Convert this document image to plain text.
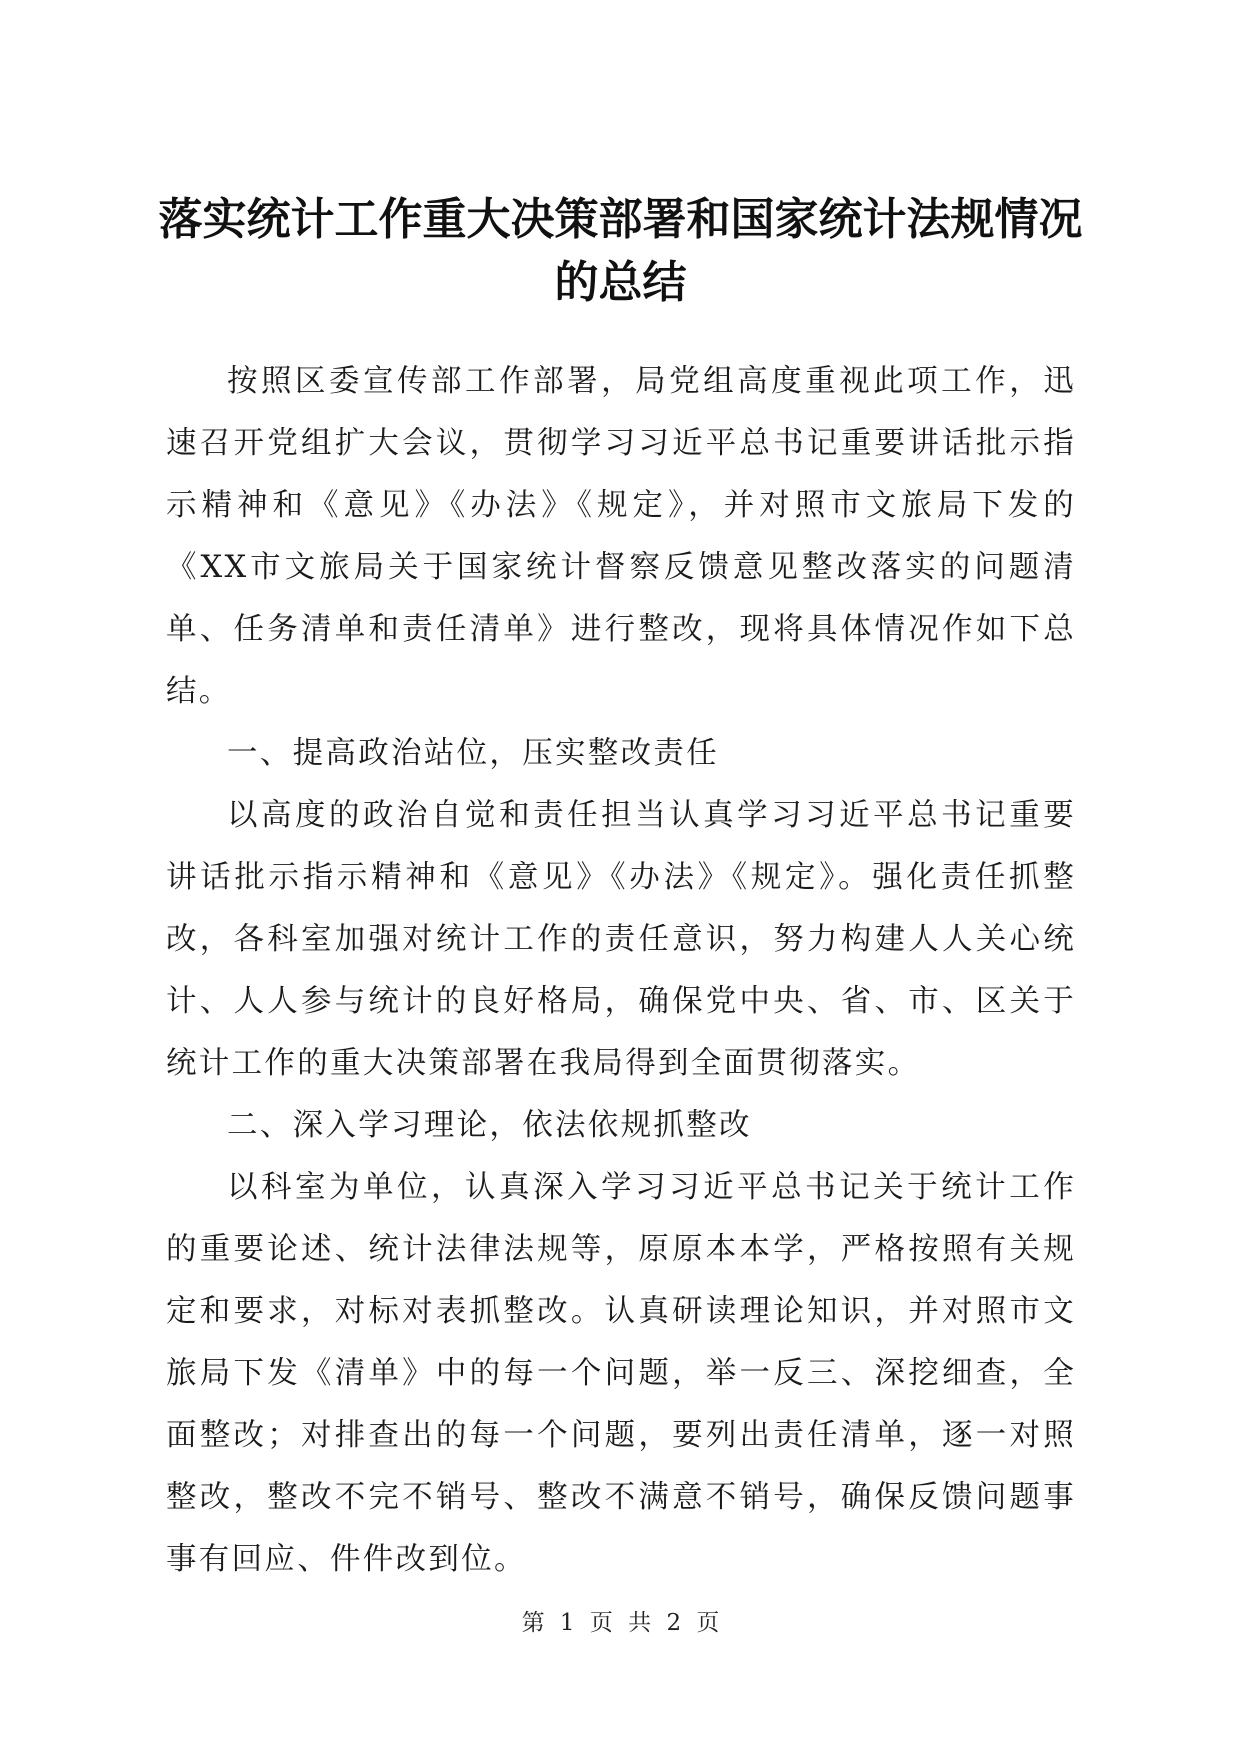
落实统计工作重大决策部署和国家统计法规情况的总结

按照区委宣传部工作部署，局党组高度重视此项工作，迅速召开党组扩大会议，贯彻学习习近平总书记重要讲话批示指示精神和《意见》《办法》《规定》，并对照市文旅局下发的《XX市文旅局关于国家统计督察反馈意见整改落实的问题清单、任务清单和责任清单》进行整改，现将具体情况作如下总结。

一、提高政治站位，压实整改责任

以高度的政治自觉和责任担当认真学习习近平总书记重要讲话批示指示精神和《意见》《办法》《规定》。强化责任抓整改，各科室加强对统计工作的责任意识，努力构建人人关心统计、人人参与统计的良好格局，确保党中央、省、市、区关于统计工作的重大决策部署在我局得到全面贯彻落实。

二、深入学习理论，依法依规抓整改

以科室为单位，认真深入学习习近平总书记关于统计工作的重要论述、统计法律法规等，原原本本学，严格按照有关规定和要求，对标对表抓整改。认真研读理论知识，并对照市文旅局下发《清单》中的每一个问题，举一反三、深挖细查，全面整改；对排查出的每一个问题，要列出责任清单，逐一对照整改，整改不完不销号、整改不满意不销号，确保反馈问题事事有回应、件件改到位。

第 1 页 共 2 页
